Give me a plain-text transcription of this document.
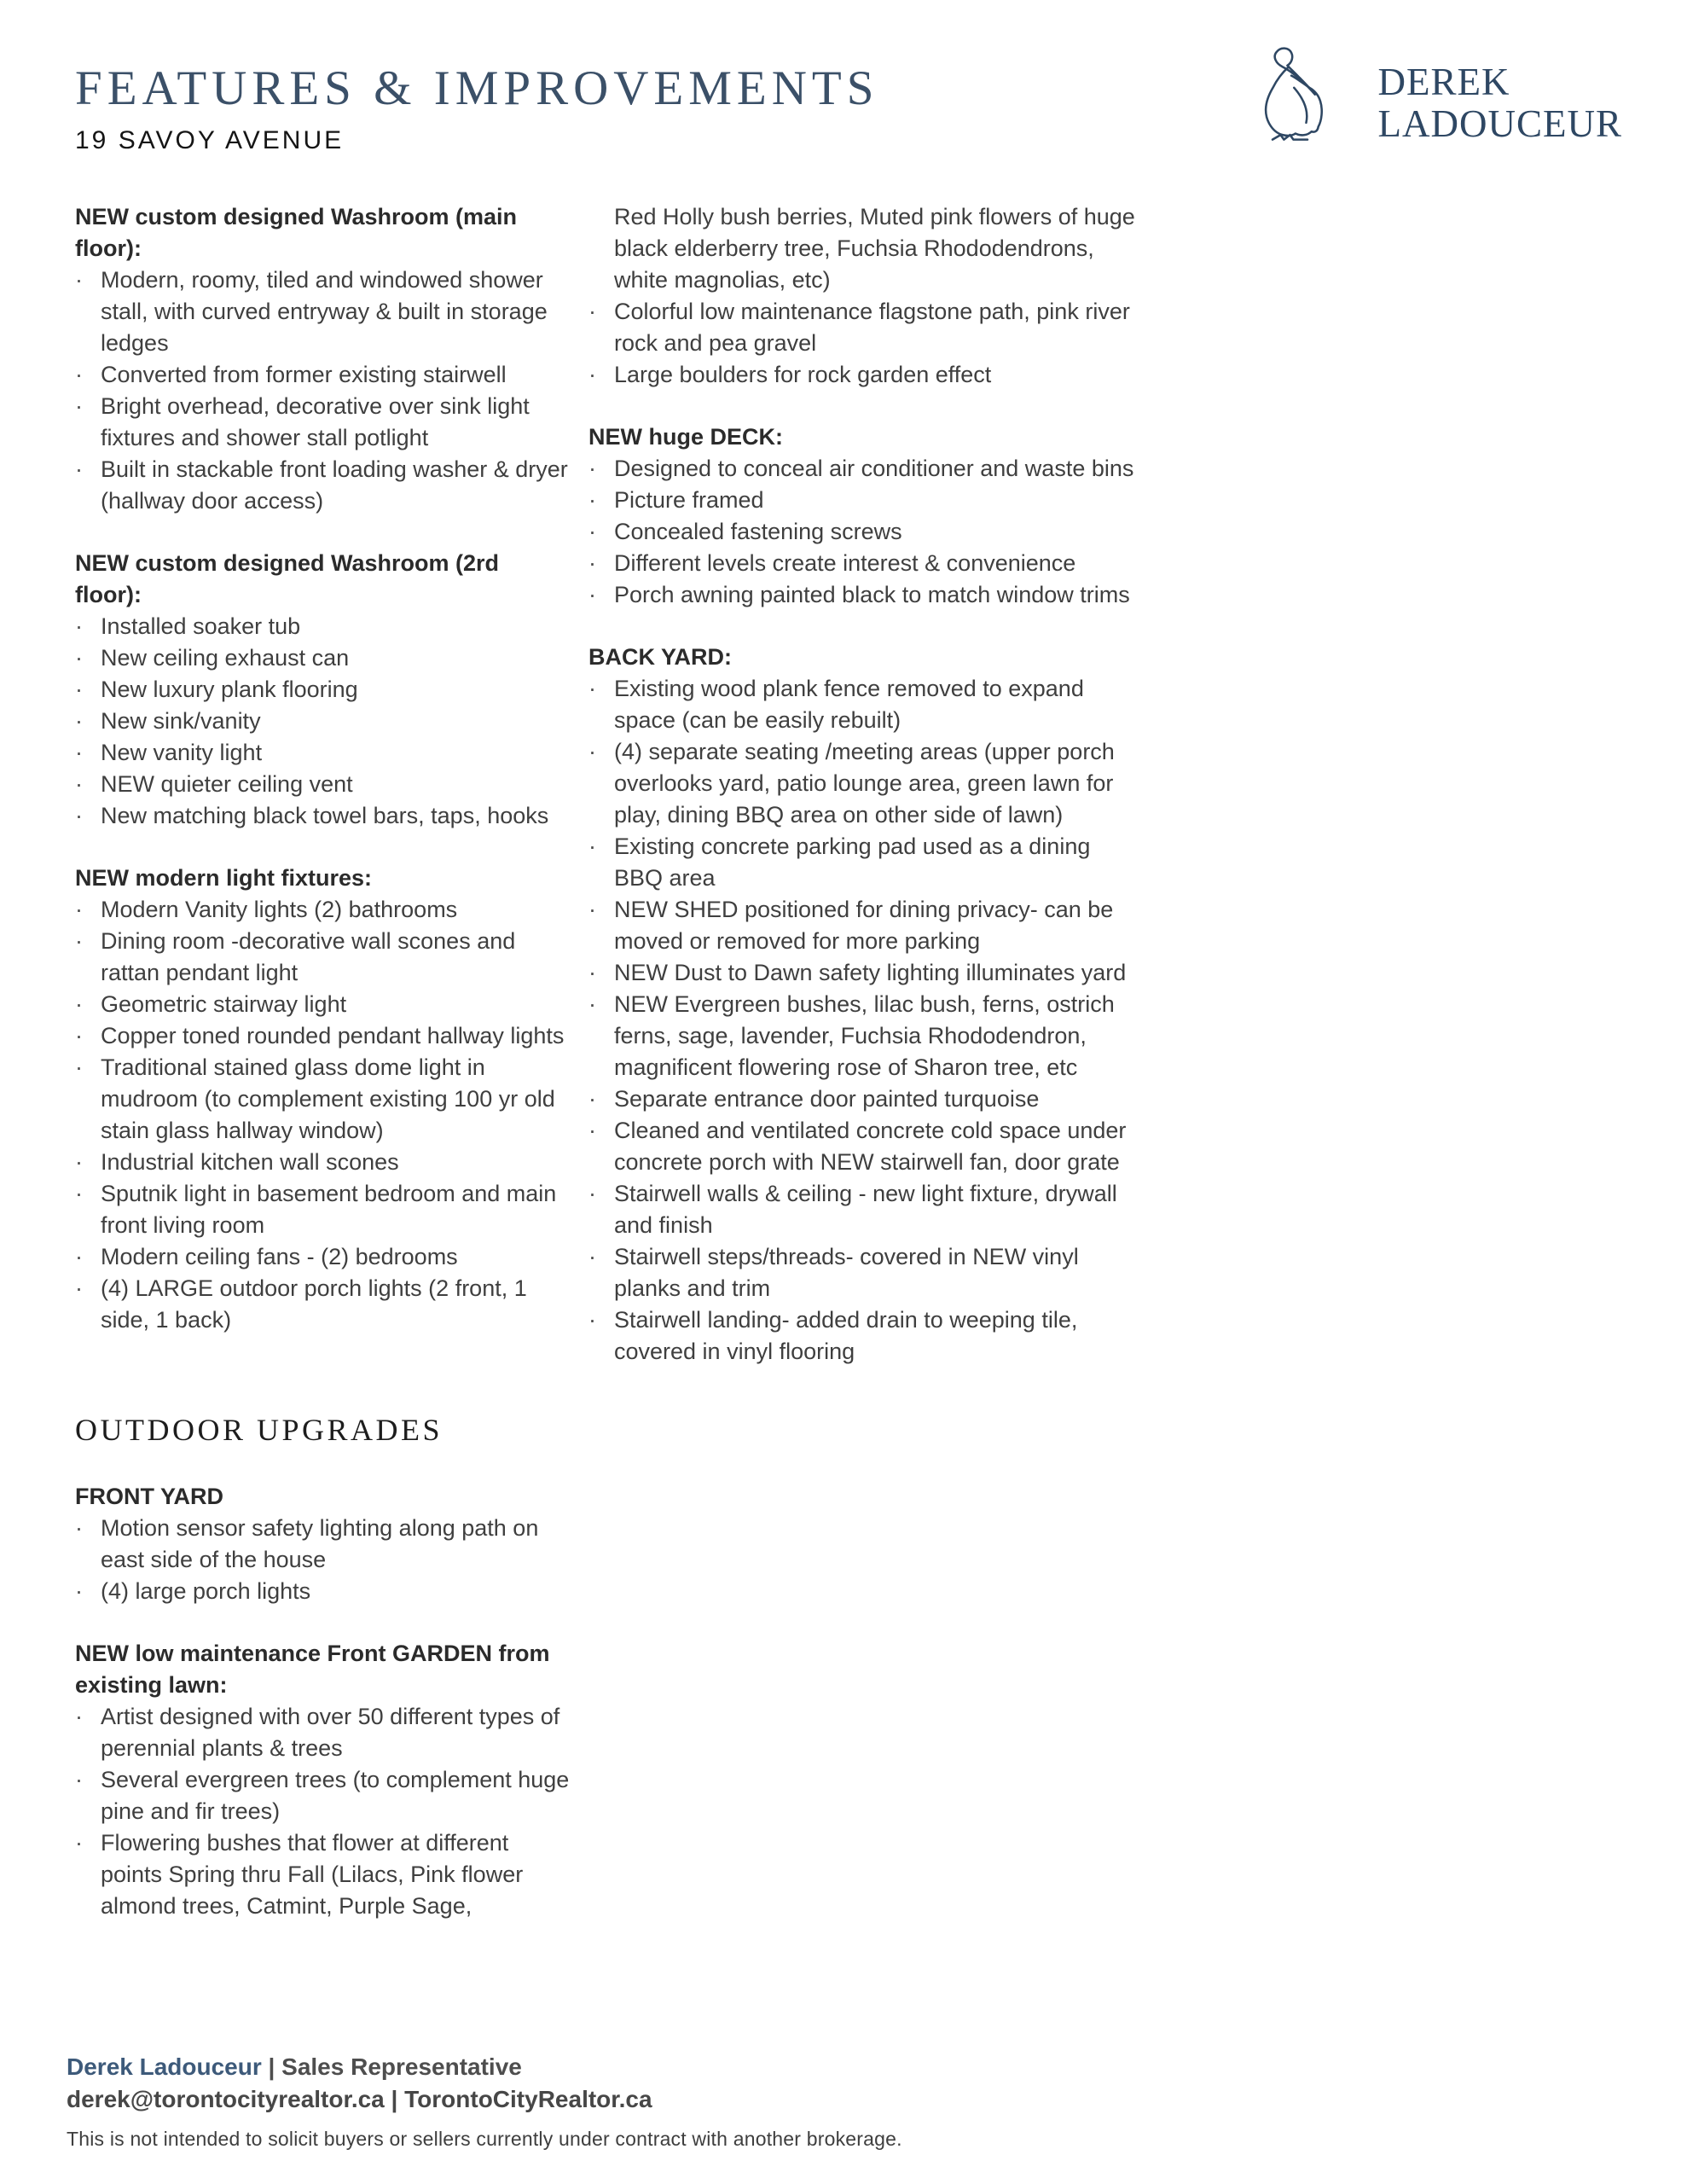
FEATURES & IMPROVEMENTS
19 SAVOY AVENUE
DEREK
LADOUCEUR
NEW custom designed Washroom (main floor):
· Modern, roomy, tiled and windowed shower stall, with curved entryway & built in storage ledges
· Converted from former existing stairwell
· Bright overhead, decorative over sink light fixtures and shower stall potlight
· Built in stackable front loading washer & dryer (hallway door access)
NEW custom designed Washroom (2rd floor):
· Installed soaker tub
· New ceiling exhaust can
· New luxury plank flooring
· New sink/vanity
· New vanity light
· NEW quieter ceiling vent
· New matching black towel bars, taps, hooks
NEW modern light fixtures:
· Modern Vanity lights (2) bathrooms
· Dining room -decorative wall scones and rattan pendant light
· Geometric stairway light
· Copper toned rounded pendant hallway lights
· Traditional stained glass dome light in mudroom (to complement existing 100 yr old stain glass hallway window)
· Industrial kitchen wall scones
· Sputnik light in basement bedroom and main front living room
· Modern ceiling fans - (2) bedrooms
· (4) LARGE outdoor porch lights (2 front, 1 side, 1 back)
OUTDOOR UPGRADES
FRONT YARD
· Motion sensor safety lighting along path on east side of the house
· (4) large porch lights
NEW low maintenance Front GARDEN from existing lawn:
· Artist designed with over 50 different types of perennial plants & trees
· Several evergreen trees (to complement huge pine and fir trees)
· Flowering bushes that flower at different points Spring thru Fall (Lilacs, Pink flower almond trees, Catmint, Purple Sage,
Red Holly bush berries, Muted pink flowers of huge black elderberry tree, Fuchsia Rhododendrons, white magnolias, etc)
· Colorful low maintenance flagstone path, pink river rock and pea gravel
· Large boulders for rock garden effect
NEW huge DECK:
· Designed to conceal air conditioner and waste bins
· Picture framed
· Concealed fastening screws
· Different levels create interest & convenience
· Porch awning painted black to match window trims
BACK YARD:
· Existing wood plank fence removed to expand space (can be easily rebuilt)
· (4) separate seating /meeting areas (upper porch overlooks yard, patio lounge area, green lawn for play, dining BBQ area on other side of lawn)
· Existing concrete parking pad used as a dining BBQ area
· NEW SHED positioned for dining privacy- can be moved or removed for more parking
· NEW Dust to Dawn safety lighting illuminates yard
· NEW Evergreen bushes, lilac bush, ferns, ostrich ferns, sage, lavender, Fuchsia Rhododendron, magnificent flowering rose of Sharon tree, etc
· Separate entrance door painted turquoise
· Cleaned and ventilated concrete cold space under concrete porch with NEW stairwell fan, door grate
· Stairwell walls & ceiling - new light fixture, drywall and finish
· Stairwell steps/threads- covered in NEW vinyl planks and trim
· Stairwell landing- added drain to weeping tile, covered in vinyl flooring
Derek Ladouceur | Sales Representative
derek@torontocityrealtor.ca | TorontoCityRealtor.ca
This is not intended to solicit buyers or sellers currently under contract with another brokerage.
